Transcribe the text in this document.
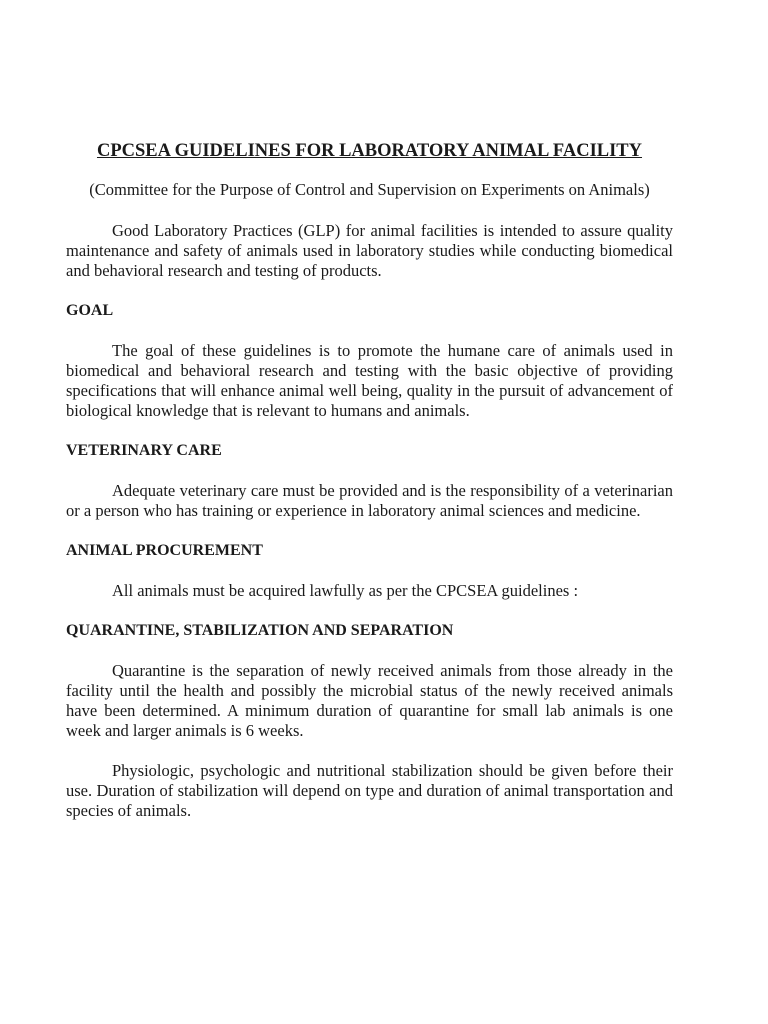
CPCSEA GUIDELINES FOR LABORATORY ANIMAL FACILITY

(Committee for the Purpose of Control and Supervision on Experiments on Animals)

Good Laboratory Practices (GLP) for animal facilities is intended to assure quality maintenance and safety of animals used in laboratory studies while conducting biomedical and behavioral research and testing of products.

GOAL

The goal of these guidelines is to promote the humane care of animals used in biomedical and behavioral research and testing with the basic objective of providing specifications that will enhance animal well being, quality in the pursuit of advancement of biological knowledge that is relevant to humans and animals.

VETERINARY CARE

Adequate veterinary care must be provided and is the responsibility of a veterinarian or a person who has training or experience in laboratory animal sciences and medicine.

ANIMAL PROCUREMENT

All animals must be acquired lawfully as per the CPCSEA guidelines :

QUARANTINE, STABILIZATION AND SEPARATION

Quarantine is the separation of newly received animals from those already in the facility until the health and possibly the microbial status of the newly received animals have been determined. A minimum duration of quarantine for small lab animals is one week and larger animals is 6 weeks.

Physiologic, psychologic and nutritional stabilization should be given before their use. Duration of stabilization will depend on type and duration of animal transportation and species of animals.
